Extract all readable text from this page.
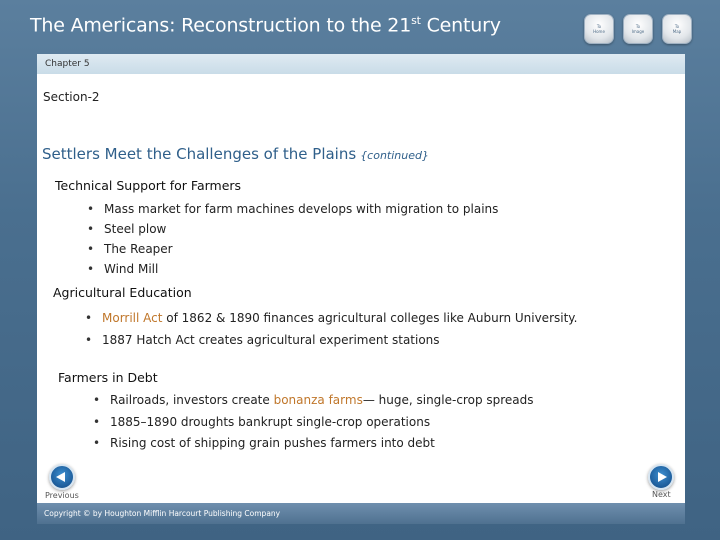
The Americans: Reconstruction to the 21st Century	To
Home
To
Image
To
Map
Chapter 5
Section-2
Settlers Meet the Challenges of the Plains {continued}
Technical Support for Farmers
• Mass market for farm machines develops with migration to plains
• Steel plow
• The Reaper
• Wind Mill
Agricultural Education
• Morrill Act of 1862 & 1890 finances agricultural colleges like Auburn University.
• 1887 Hatch Act creates agricultural experiment stations
Farmers in Debt
• Railroads, investors create bonanza farms— huge, single-crop spreads
• 1885–1890 droughts bankrupt single-crop operations
• Rising cost of shipping grain pushes farmers into debt
Previous	Next
Copyright © by Houghton Mifflin Harcourt Publishing Company
